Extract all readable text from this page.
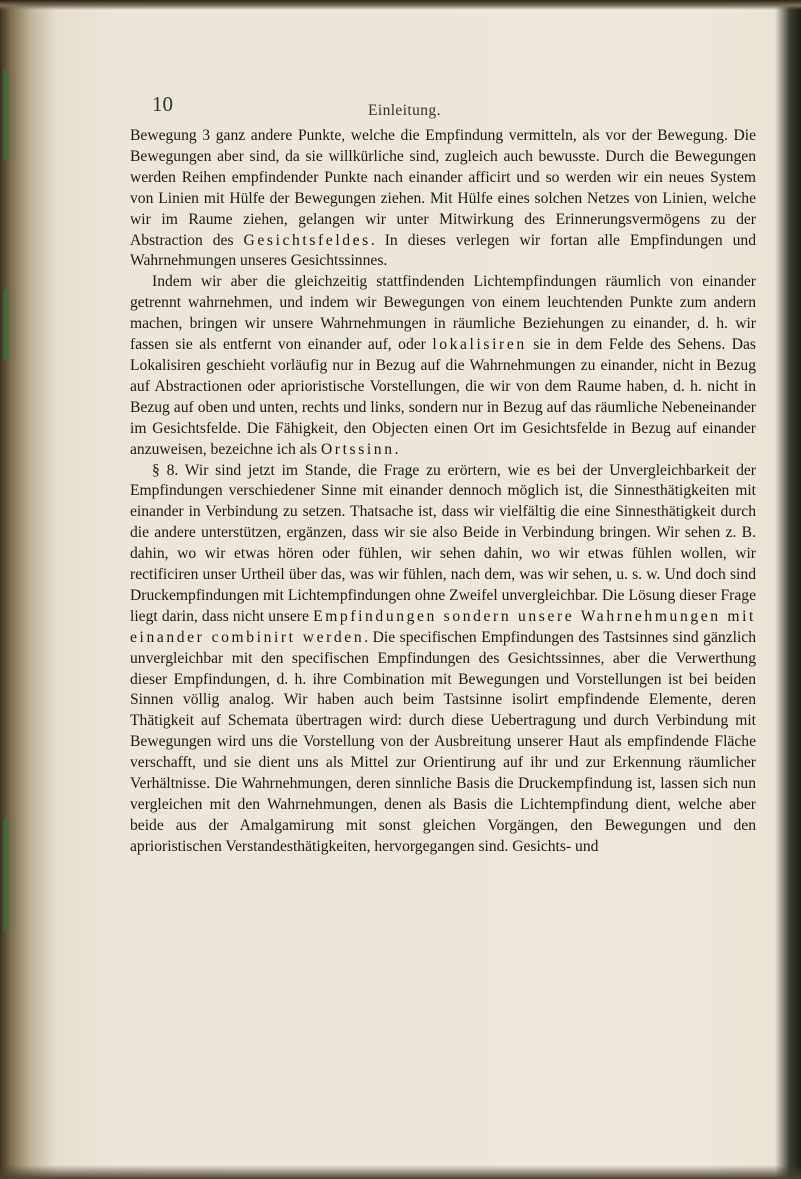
10	Einleitung.

Bewegung 3 ganz andere Punkte, welche die Empfindung vermitteln, als vor der Bewegung. Die Bewegungen aber sind, da sie willkürliche sind, zugleich auch bewusste. Durch die Bewegungen werden Reihen empfindender Punkte nach einander afficirt und so werden wir ein neues System von Linien mit Hülfe der Bewegungen ziehen. Mit Hülfe eines solchen Netzes von Linien, welche wir im Raume ziehen, gelangen wir unter Mitwirkung des Erinnerungsvermögens zu der Abstraction des Gesichtsfeldes. In dieses verlegen wir fortan alle Empfindungen und Wahrnehmungen unseres Gesichtssinnes.

Indem wir aber die gleichzeitig stattfindenden Lichtempfindungen räumlich von einander getrennt wahrnehmen, und indem wir Bewegungen von einem leuchtenden Punkte zum andern machen, bringen wir unsere Wahrnehmungen in räumliche Beziehungen zu einander, d. h. wir fassen sie als entfernt von einander auf, oder lokalisiren sie in dem Felde des Sehens. Das Lokalisiren geschieht vorläufig nur in Bezug auf die Wahrnehmungen zu einander, nicht in Bezug auf Abstractionen oder aprioristische Vorstellungen, die wir von dem Raume haben, d. h. nicht in Bezug auf oben und unten, rechts und links, sondern nur in Bezug auf das räumliche Nebeneinander im Gesichtsfelde. Die Fähigkeit, den Objecten einen Ort im Gesichtsfelde in Bezug auf einander anzuweisen, bezeichne ich als Ortssinn.

§ 8. Wir sind jetzt im Stande, die Frage zu erörtern, wie es bei der Unvergleichbarkeit der Empfindungen verschiedener Sinne mit einander dennoch möglich ist, die Sinnesthätigkeiten mit einander in Verbindung zu setzen. Thatsache ist, dass wir vielfältig die eine Sinnesthätigkeit durch die andere unterstützen, ergänzen, dass wir sie also Beide in Verbindung bringen. Wir sehen z. B. dahin, wo wir etwas hören oder fühlen, wir sehen dahin, wo wir etwas fühlen wollen, wir rectificiren unser Urtheil über das, was wir fühlen, nach dem, was wir sehen, u. s. w. Und doch sind Druckempfindungen mit Lichtempfindungen ohne Zweifel unvergleichbar. Die Lösung dieser Frage liegt darin, dass nicht unsere Empfindungen sondern unsere Wahrnehmungen mit einander combinirt werden. Die specifischen Empfindungen des Tastsinnes sind gänzlich unvergleichbar mit den specifischen Empfindungen des Gesichtssinnes, aber die Verwerthung dieser Empfindungen, d. h. ihre Combination mit Bewegungen und Vorstellungen ist bei beiden Sinnen völlig analog. Wir haben auch beim Tastsinne isolirt empfindende Elemente, deren Thätigkeit auf Schemata übertragen wird: durch diese Uebertragung und durch Verbindung mit Bewegungen wird uns die Vorstellung von der Ausbreitung unserer Haut als empfindende Fläche verschafft, und sie dient uns als Mittel zur Orientirung auf ihr und zur Erkennung räumlicher Verhältnisse. Die Wahrnehmungen, deren sinnliche Basis die Druckempfindung ist, lassen sich nun vergleichen mit den Wahrnehmungen, denen als Basis die Lichtempfindung dient, welche aber beide aus der Amalgamirung mit sonst gleichen Vorgängen, den Bewegungen und den aprioristischen Verstandesthätigkeiten, hervorgegangen sind. Gesichts- und
